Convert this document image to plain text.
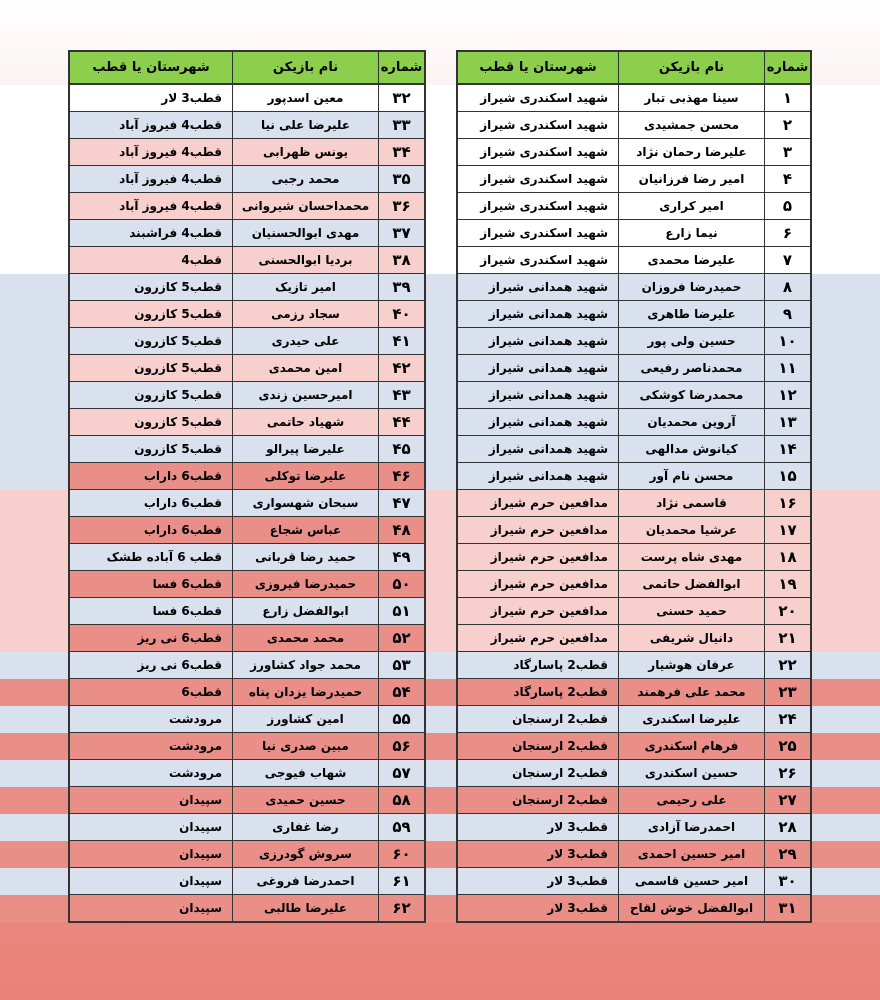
شماره	نام بازیکن	شهرستان یا قطب
۳۲	معین اسدپور	قطب3 لار
۳۳	علیرضا علی نیا	قطب4 فیروز آباد
۳۴	یونس ظهرابی	قطب4 فیروز آباد
۳۵	محمد رجبی	قطب4 فیروز آباد
۳۶	محمداحسان شیروانی	قطب4 فیروز آباد
۳۷	مهدی ابوالحسنیان	قطب4 فراشبند
۳۸	بردیا ابوالحسنی	قطب4
۳۹	امیر تازیک	قطب5 کازرون
۴۰	سجاد رزمی	قطب5 کازرون
۴۱	علی حیدری	قطب5 کازرون
۴۲	امین محمدی	قطب5 کازرون
۴۳	امیرحسین زندی	قطب5 کازرون
۴۴	شهیاد حاتمی	قطب5 کازرون
۴۵	علیرضا پیرالو	قطب5 کازرون
۴۶	علیرضا توکلی	قطب6 داراب
۴۷	سبحان شهسواری	قطب6 داراب
۴۸	عباس شجاع	قطب6 داراب
۴۹	حمید رضا قربانی	قطب 6 آباده طشک
۵۰	حمیدرضا فیروزی	قطب6 فسا
۵۱	ابوالفضل زارع	قطب6 فسا
۵۲	محمد محمدی	قطب6 نی ریز
۵۳	محمد جواد کشاورز	قطب6 نی ریز
۵۴	حمیدرضا یزدان پناه	قطب6
۵۵	امین کشاورز	مرودشت
۵۶	مبین صدری نیا	مرودشت
۵۷	شهاب فیوجی	مرودشت
۵۸	حسین حمیدی	سپیدان
۵۹	رضا غفاری	سپیدان
۶۰	سروش گودرزی	سپیدان
۶۱	احمدرضا فروغی	سپیدان
۶۲	علیرضا طالبی	سپیدان
شماره	نام بازیکن	شهرستان یا قطب
۱	سینا مهذبی تبار	شهید اسکندری شیراز
۲	محسن جمشیدی	شهید اسکندری شیراز
۳	علیرضا رحمان نژاد	شهید اسکندری شیراز
۴	امیر رضا فرزانیان	شهید اسکندری شیراز
۵	امیر کراری	شهید اسکندری شیراز
۶	نیما زارع	شهید اسکندری شیراز
۷	علیرضا محمدی	شهید اسکندری شیراز
۸	حمیدرضا فروزان	شهید همدانی شیراز
۹	علیرضا طاهری	شهید همدانی شیراز
۱۰	حسین ولی پور	شهید همدانی شیراز
۱۱	محمدناصر رفیعی	شهید همدانی شیراز
۱۲	محمدرضا کوشکی	شهید همدانی شیراز
۱۳	آروین محمدیان	شهید همدانی شیراز
۱۴	کیانوش مدالهی	شهید همدانی شیراز
۱۵	محسن نام آور	شهید همدانی شیراز
۱۶	قاسمی نژاد	مدافعین حرم شیراز
۱۷	عرشیا محمدیان	مدافعین حرم شیراز
۱۸	مهدی شاه پرست	مدافعین حرم شیراز
۱۹	ابوالفضل حاتمی	مدافعین حرم شیراز
۲۰	حمید حسنی	مدافعین حرم شیراز
۲۱	دانیال شریفی	مدافعین حرم شیراز
۲۲	عرفان هوشیار	قطب2 پاسارگاد
۲۳	محمد علی فرهمند	قطب2 پاسارگاد
۲۴	علیرضا اسکندری	قطب2 ارسنجان
۲۵	فرهام اسکندری	قطب2 ارسنجان
۲۶	حسین اسکندری	قطب2 ارسنجان
۲۷	علی رحیمی	قطب2 ارسنجان
۲۸	احمدرضا آزادی	قطب3 لار
۲۹	امیر حسین احمدی	قطب3 لار
۳۰	امیر حسین قاسمی	قطب3 لار
۳۱	ابوالفضل خوش لقاح	قطب3 لار
